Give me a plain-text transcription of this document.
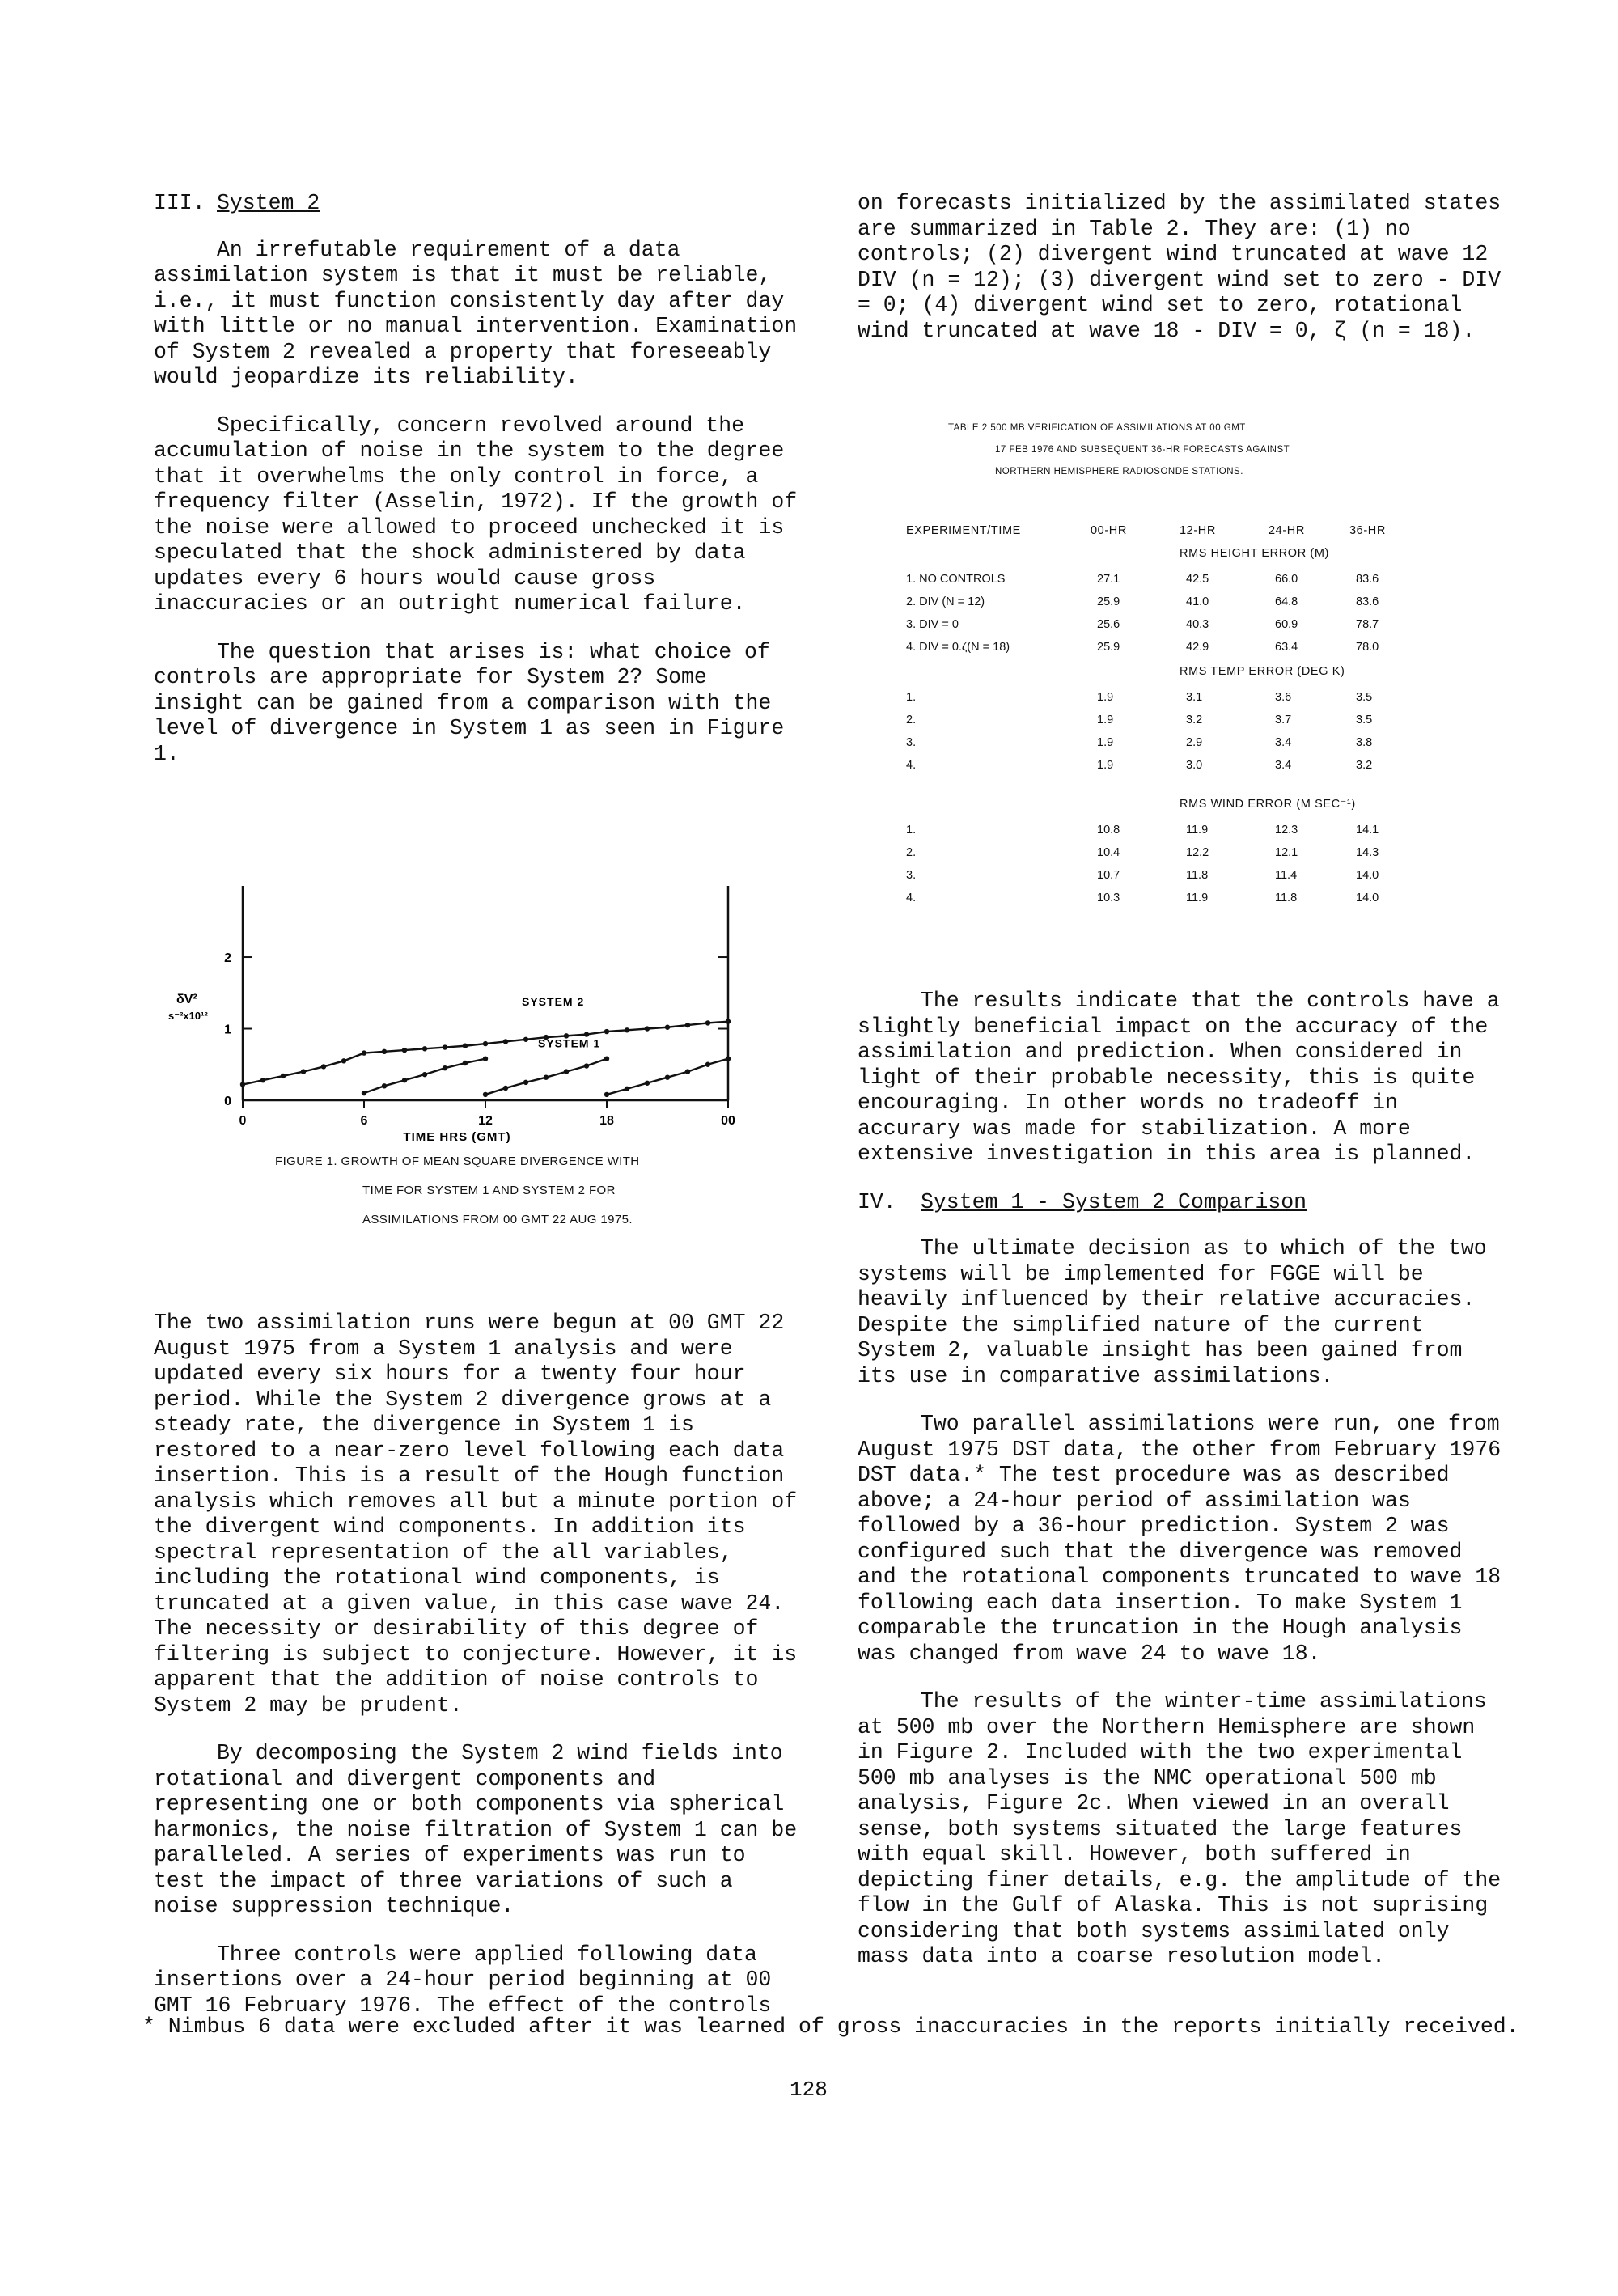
III. System 2

An irrefutable requirement of a data assimilation system is that it must be reliable, i.e., it must function consistently day after day with little or no manual intervention. Examination of System 2 revealed a property that foreseeably would jeopardize its reliability.

Specifically, concern revolved around the accumulation of noise in the system to the degree that it overwhelms the only control in force, a frequency filter (Asselin, 1972). If the growth of the noise were allowed to proceed unchecked it is speculated that the shock administered by data updates every 6 hours would cause gross inaccuracies or an outright numerical failure.

The question that arises is: what choice of controls are appropriate for System 2? Some insight can be gained from a comparison with the level of divergence in System 1 as seen in Figure 1.

0
1
2
0	6	12	18	00
TIME HRS (GMT)
δV²
s⁻²x10¹²
SYSTEM 2
SYSTEM 1
FIGURE 1. GROWTH OF MEAN SQUARE DIVERGENCE WITH
TIME FOR SYSTEM 1 AND SYSTEM 2 FOR
ASSIMILATIONS FROM 00 GMT 22 AUG 1975.

The two assimilation runs were begun at 00 GMT 22 August 1975 from a System 1 analysis and were updated every six hours for a twenty four hour period. While the System 2 divergence grows at a steady rate, the divergence in System 1 is restored to a near-zero level following each data insertion. This is a result of the Hough function analysis which removes all but a minute portion of the divergent wind components. In addition its spectral representation of the all variables, including the rotational wind components, is truncated at a given value, in this case wave 24. The necessity or desirability of this degree of filtering is subject to conjecture. However, it is apparent that the addition of noise controls to System 2 may be prudent.

By decomposing the System 2 wind fields into rotational and divergent components and representing one or both components via spherical harmonics, the noise filtration of System 1 can be paralleled. A series of experiments was run to test the impact of three variations of such a noise suppression technique.

Three controls were applied following data insertions over a 24-hour period beginning at 00 GMT 16 February 1976. The effect of the controls

on forecasts initialized by the assimilated states are summarized in Table 2. They are: (1) no controls; (2) divergent wind truncated at wave 12 DIV (n = 12); (3) divergent wind set to zero - DIV = 0; (4) divergent wind set to zero, rotational wind truncated at wave 18 - DIV = 0, ζ (n = 18).

TABLE 2 500 MB VERIFICATION OF ASSIMILATIONS AT 00 GMT
17 FEB 1976 AND SUBSEQUENT 36-HR FORECASTS AGAINST
NORTHERN HEMISPHERE RADIOSONDE STATIONS.
EXPERIMENT/TIME	00-HR	12-HR	24-HR	36-HR
RMS HEIGHT ERROR (M)
1. NO CONTROLS	27.1	42.5	66.0	83.6
2. DIV (N = 12)	25.9	41.0	64.8	83.6
3. DIV = 0	25.6	40.3	60.9	78.7
4. DIV = 0.ζ(N = 18)	25.9	42.9	63.4	78.0
RMS TEMP ERROR (DEG K)
1.	1.9	3.1	3.6	3.5
2.	1.9	3.2	3.7	3.5
3.	1.9	2.9	3.4	3.8
4.	1.9	3.0	3.4	3.2
RMS WIND ERROR (M SEC⁻¹)
1.	10.8	11.9	12.3	14.1
2.	10.4	12.2	12.1	14.3
3.	10.7	11.8	11.4	14.0
4.	10.3	11.9	11.8	14.0

The results indicate that the controls have a slightly beneficial impact on the accuracy of the assimilation and prediction. When considered in light of their probable necessity, this is quite encouraging. In other words no tradeoff in accurary was made for stabilization. A more extensive investigation in this area is planned.

IV. System 1 - System 2 Comparison

The ultimate decision as to which of the two systems will be implemented for FGGE will be heavily influenced by their relative accuracies. Despite the simplified nature of the current System 2, valuable insight has been gained from its use in comparative assimilations.

Two parallel assimilations were run, one from August 1975 DST data, the other from February 1976 DST data.* The test procedure was as described above; a 24-hour period of assimilation was followed by a 36-hour prediction. System 2 was configured such that the divergence was removed and the rotational components truncated to wave 18 following each data insertion. To make System 1 comparable the truncation in the Hough analysis was changed from wave 24 to wave 18.

The results of the winter-time assimilations at 500 mb over the Northern Hemisphere are shown in Figure 2. Included with the two experimental 500 mb analyses is the NMC operational 500 mb analysis, Figure 2c. When viewed in an overall sense, both systems situated the large features with equal skill. However, both suffered in depicting finer details, e.g. the amplitude of the flow in the Gulf of Alaska. This is not suprising considering that both systems assimilated only mass data into a coarse resolution model.

* Nimbus 6 data were excluded after it was learned of gross inaccuracies in the reports initially received.
128
